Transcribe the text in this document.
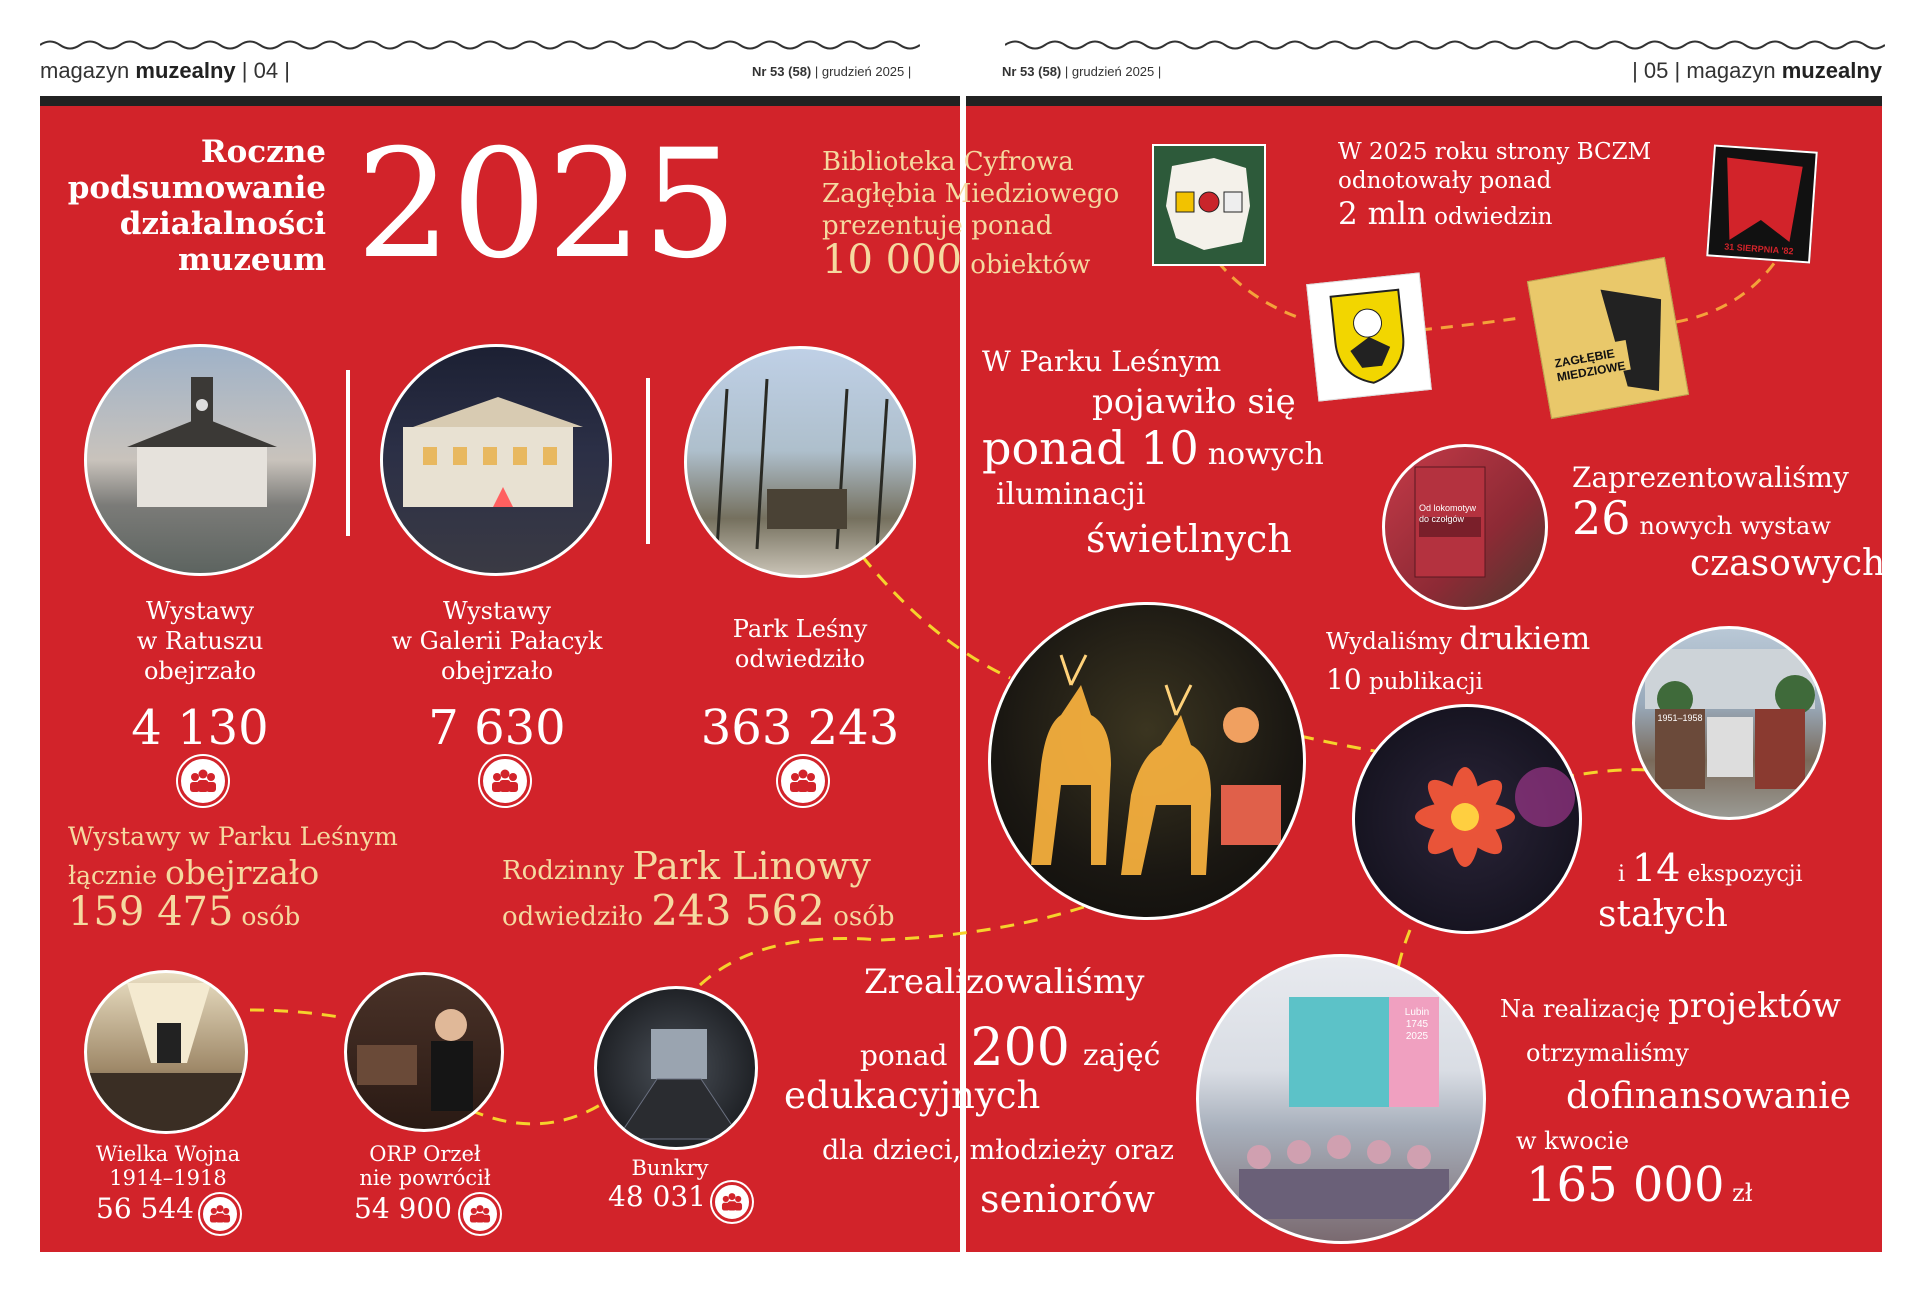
magazyn muzealny | 04 |	Nr 53 (58) | grudzień 2025 |	Nr 53 (58) | grudzień 2025 |	| 05 | magazyn muzealny
Roczne
podsumowanie
działalności
muzeum 2025	Biblioteka Cyfrowa
Zagłębia Miedziowego
prezentuje ponad
10 000 obiektów
W 2025 roku strony BCZM
odnotowały ponad
2 mln odwiedzin
ZAGŁĘBIE MIEDZIOWE
31 SIERPNIA '82
Wystawy
w Ratuszu
obejrzało
4 130
Wystawy
w Galerii Pałacyk
obejrzało
7 630
Park Leśny
odwiedziło
363 243
Wystawy w Parku Leśnym
łącznie obejrzało
159 475 osób
Rodzinny Park Linowy
odwiedziło 243 562 osób
W Parku Leśnym
pojawiło się
ponad 10 nowych
iluminacji
świetlnych
Od lokomotyw do czołgów
Zaprezentowaliśmy
26 nowych wystaw
czasowych
Wydaliśmy drukiem
10 publikacji
1951–1958
i 14 ekspozycji
stałych
Wielka Wojna
1914–1918
56 544
ORP Orzeł
nie powrócił
54 900
Bunkry
48 031
Zrealizowaliśmy
ponad 200 zajęć
edukacyjnych
dla dzieci, młodzieży oraz
seniorów
Lubin 1745 2025
Na realizację projektów
otrzymaliśmy
dofinansowanie
w kwocie
165 000 zł
